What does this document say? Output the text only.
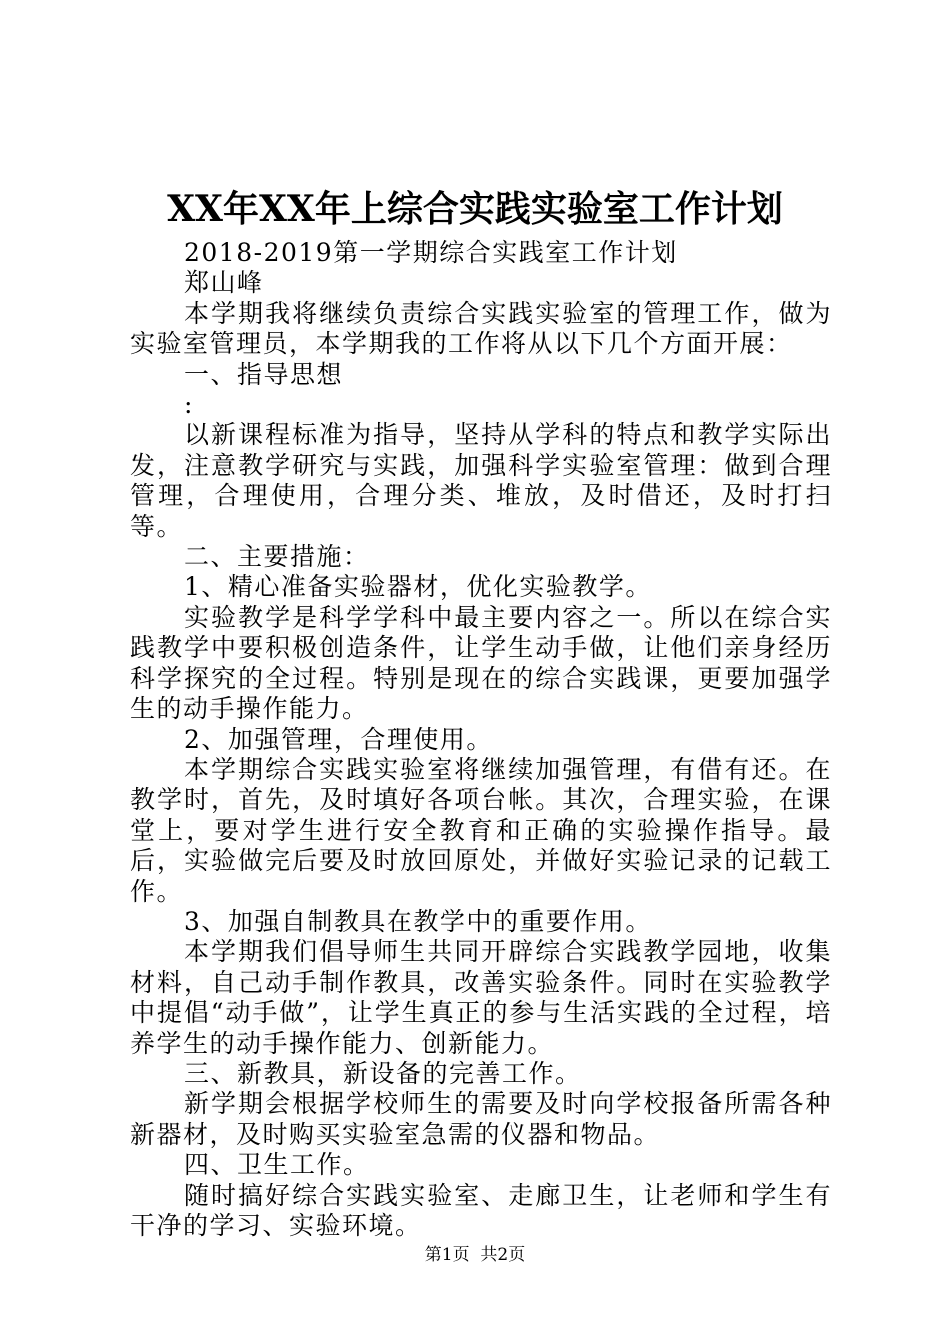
XX年XX年上综合实践实验室工作计划

2018-2019第一学期综合实践室工作计划

郑山峰

本学期我将继续负责综合实践实验室的管理工作，做为实验室管理员，本学期我的工作将从以下几个方面开展：

一、指导思想

:

以新课程标准为指导，坚持从学科的特点和教学实际出发，注意教学研究与实践，加强科学实验室管理：做到合理管理，合理使用，合理分类、堆放，及时借还，及时打扫等。

二、主要措施：

1、精心准备实验器材，优化实验教学。

实验教学是科学学科中最主要内容之一。所以在综合实践教学中要积极创造条件，让学生动手做，让他们亲身经历科学探究的全过程。特别是现在的综合实践课，更要加强学生的动手操作能力。

2、加强管理，合理使用。

本学期综合实践实验室将继续加强管理，有借有还。在教学时，首先，及时填好各项台帐。其次，合理实验，在课堂上，要对学生进行安全教育和正确的实验操作指导。最后，实验做完后要及时放回原处，并做好实验记录的记载工作。

3、加强自制教具在教学中的重要作用。

本学期我们倡导师生共同开辟综合实践教学园地，收集材料，自己动手制作教具，改善实验条件。同时在实验教学中提倡“动手做”，让学生真正的参与生活实践的全过程，培养学生的动手操作能力、创新能力。

三、新教具，新设备的完善工作。

新学期会根据学校师生的需要及时向学校报备所需各种新器材，及时购买实验室急需的仪器和物品。

四、卫生工作。

随时搞好综合实践实验室、走廊卫生，让老师和学生有干净的学习、实验环境。

第1页  共2页
